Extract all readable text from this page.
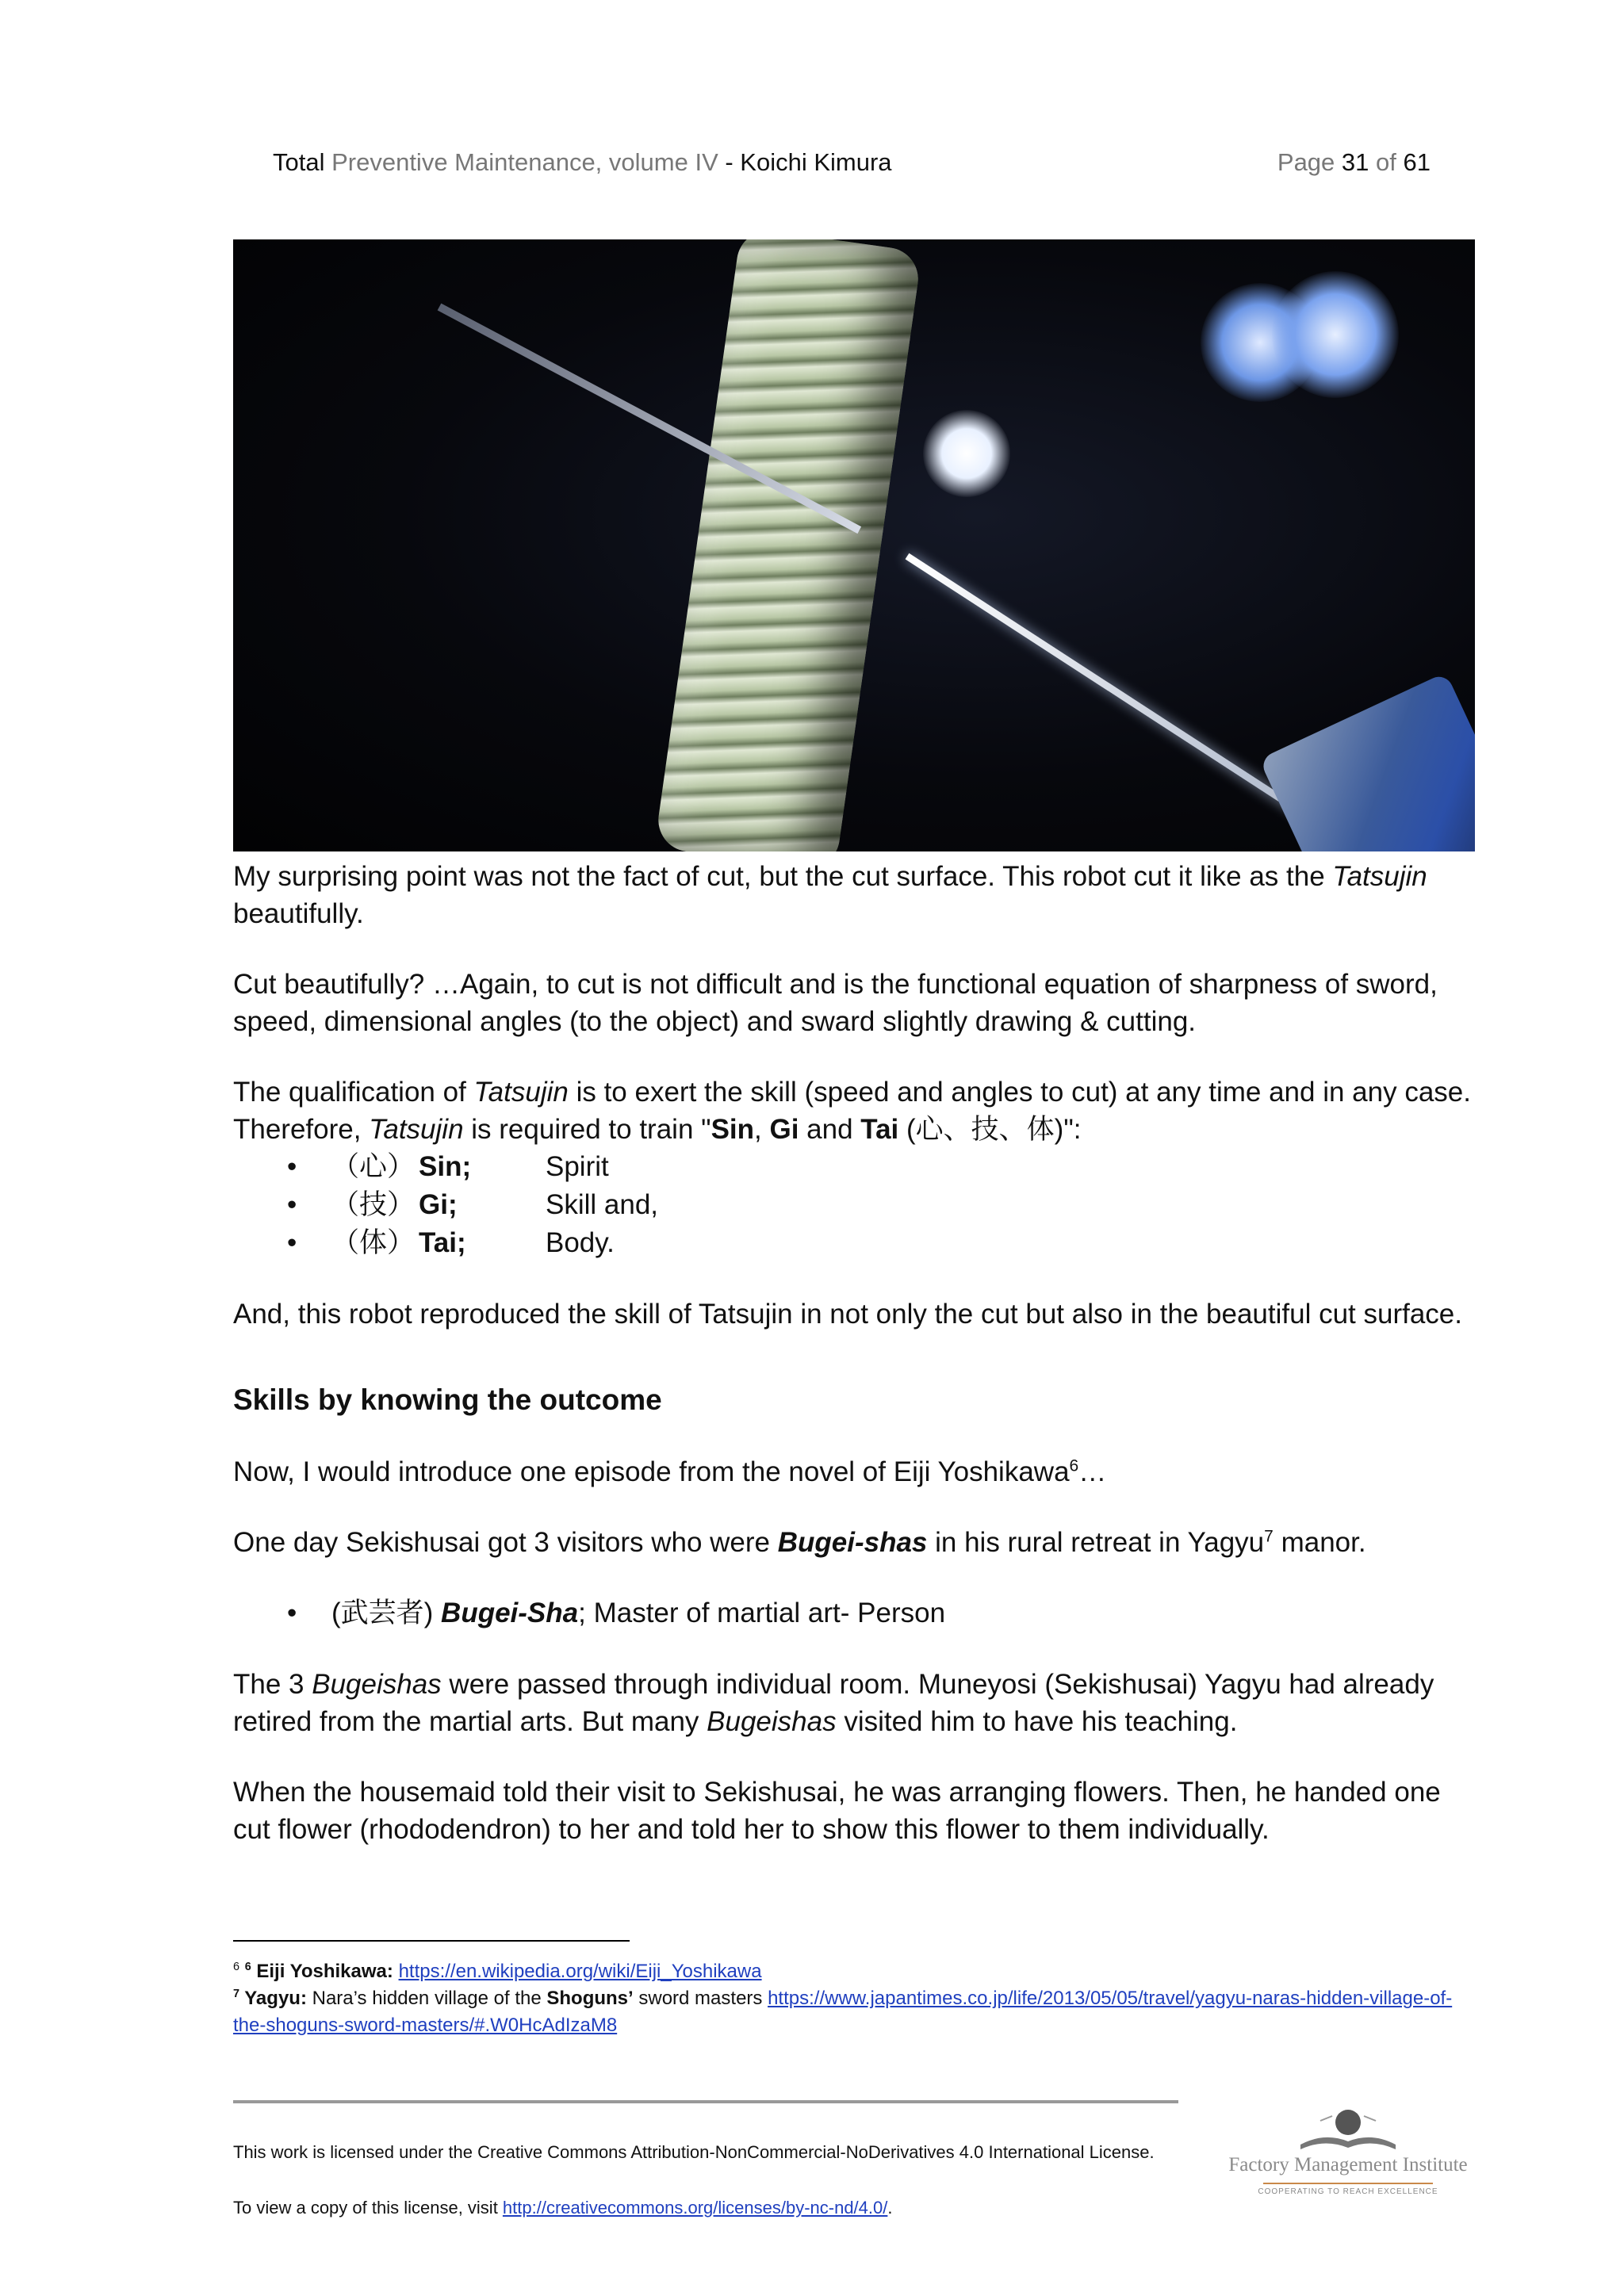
Total Preventive Maintenance, volume IV - Koichi Kimura	Page 31 of 61

My surprising point was not the fact of cut, but the cut surface. This robot cut it like as the Tatsujin beautifully.

Cut beautifully? …Again, to cut is not difficult and is the functional equation of sharpness of sword, speed, dimensional angles (to the object) and sward slightly drawing & cutting.

The qualification of Tatsujin is to exert the skill (speed and angles to cut) at any time and in any case. Therefore, Tatsujin is required to train "Sin, Gi and Tai (心、技、体)":

• （心） Sin;	Spirit
• （技） Gi;	Skill and,
• （体） Tai;	Body.

And, this robot reproduced the skill of Tatsujin in not only the cut but also in the beautiful cut surface.

Skills by knowing the outcome

Now, I would introduce one episode from the novel of Eiji Yoshikawa$^6$…

One day Sekishusai got 3 visitors who were Bugei-shas in his rural retreat in Yagyu$^7$ manor.

• (武芸者) Bugei-Sha; Master of martial art- Person

The 3 Bugeishas were passed through individual room. Muneyosi (Sekishusai) Yagyu had already retired from the martial arts. But many Bugeishas visited him to have his teaching.

When the housemaid told their visit to Sekishusai, he was arranging flowers. Then, he handed one cut flower (rhododendron) to her and told her to show this flower to them individually.

$^6$ $^6$ Eiji Yoshikawa: https://en.wikipedia.org/wiki/Eiji_Yoshikawa
$^7$ Yagyu: Nara’s hidden village of the Shoguns’ sword masters https://www.japantimes.co.jp/life/2013/05/05/travel/yagyu-naras-hidden-village-of-the-shoguns-sword-masters/#.W0HcAdIzaM8
This work is licensed under the Creative Commons Attribution-NonCommercial-NoDerivatives 4.0 International License.
To view a copy of this license, visit http://creativecommons.org/licenses/by-nc-nd/4.0/.
Factory Management Institute
COOPERATING TO REACH EXCELLENCE
